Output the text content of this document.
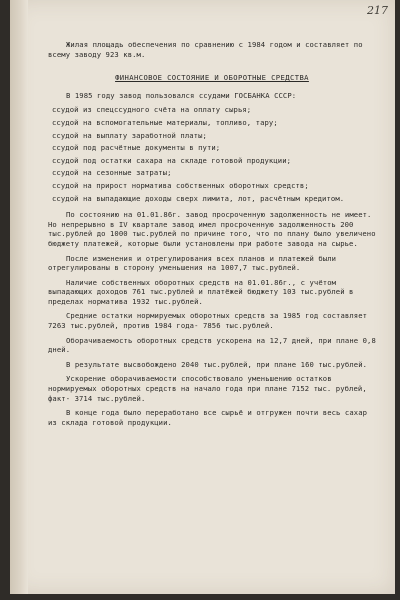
217

Жилая площадь обеспечения по сравнению с 1984 годом и составляет по всему заводу 923 кв.м.

ФИНАНСОВОЕ СОСТОЯНИЕ И ОБОРОТНЫЕ СРЕДСТВА

В 1985 году завод пользовался ссудами ГОСБАНКА СССР:

ссудой из спецссудного счёта на оплату сырья;

ссудой на вспомогательные материалы, топливо, тару;

ссудой на выплату заработной платы;

ссудой под расчётные документы в пути;

ссудой под остатки сахара на складе готовой продукции;

ссудой на сезонные затраты;

ссудой на прирост норматива собственных оборотных средств;

ссудой на выпадающие доходы сверх лимита, лот, расчётным кредитом.

По состоянию на 01.01.86г. завод просроченную задолженность не имеет. Но непрерывно в IV квартале завод имел просроченную задолженность 200 тыс.рублей до 1000 тыс.рублей по причине того, что по плану было увеличено бюджету платежей, которые были установлены при работе завода на сырье.

После изменения и отрегулирования всех планов и платежей были отрегулированы в сторону уменьшения на 1007,7 тыс.рублей.

Наличие собственных оборотных средств на 01.01.86г., с учётом выпадающих доходов 761 тыс.рублей и платёжей бюджету 103 тыс.рублей в пределах норматива 1932 тыс.рублей.

Средние остатки нормируемых оборотных средств за 1985 год составляет 7263 тыс.рублей, против 1984 года- 7856 тыс.рублей.

Оборачиваемость оборотных средств ускорена на 12,7 дней, при плане 0,8 дней.

В результате высвобождено 2040 тыс.рублей, при плане 160 тыс.рублей.

Ускорение оборачиваемости способствовало уменьшению остатков нормируемых оборотных средств на начало года при плане 7152 тыс. рублей, факт- 3714 тыс.рублей.

В конце года было переработано все сырьё и отгружен почти весь сахар из склада готовой продукции.
